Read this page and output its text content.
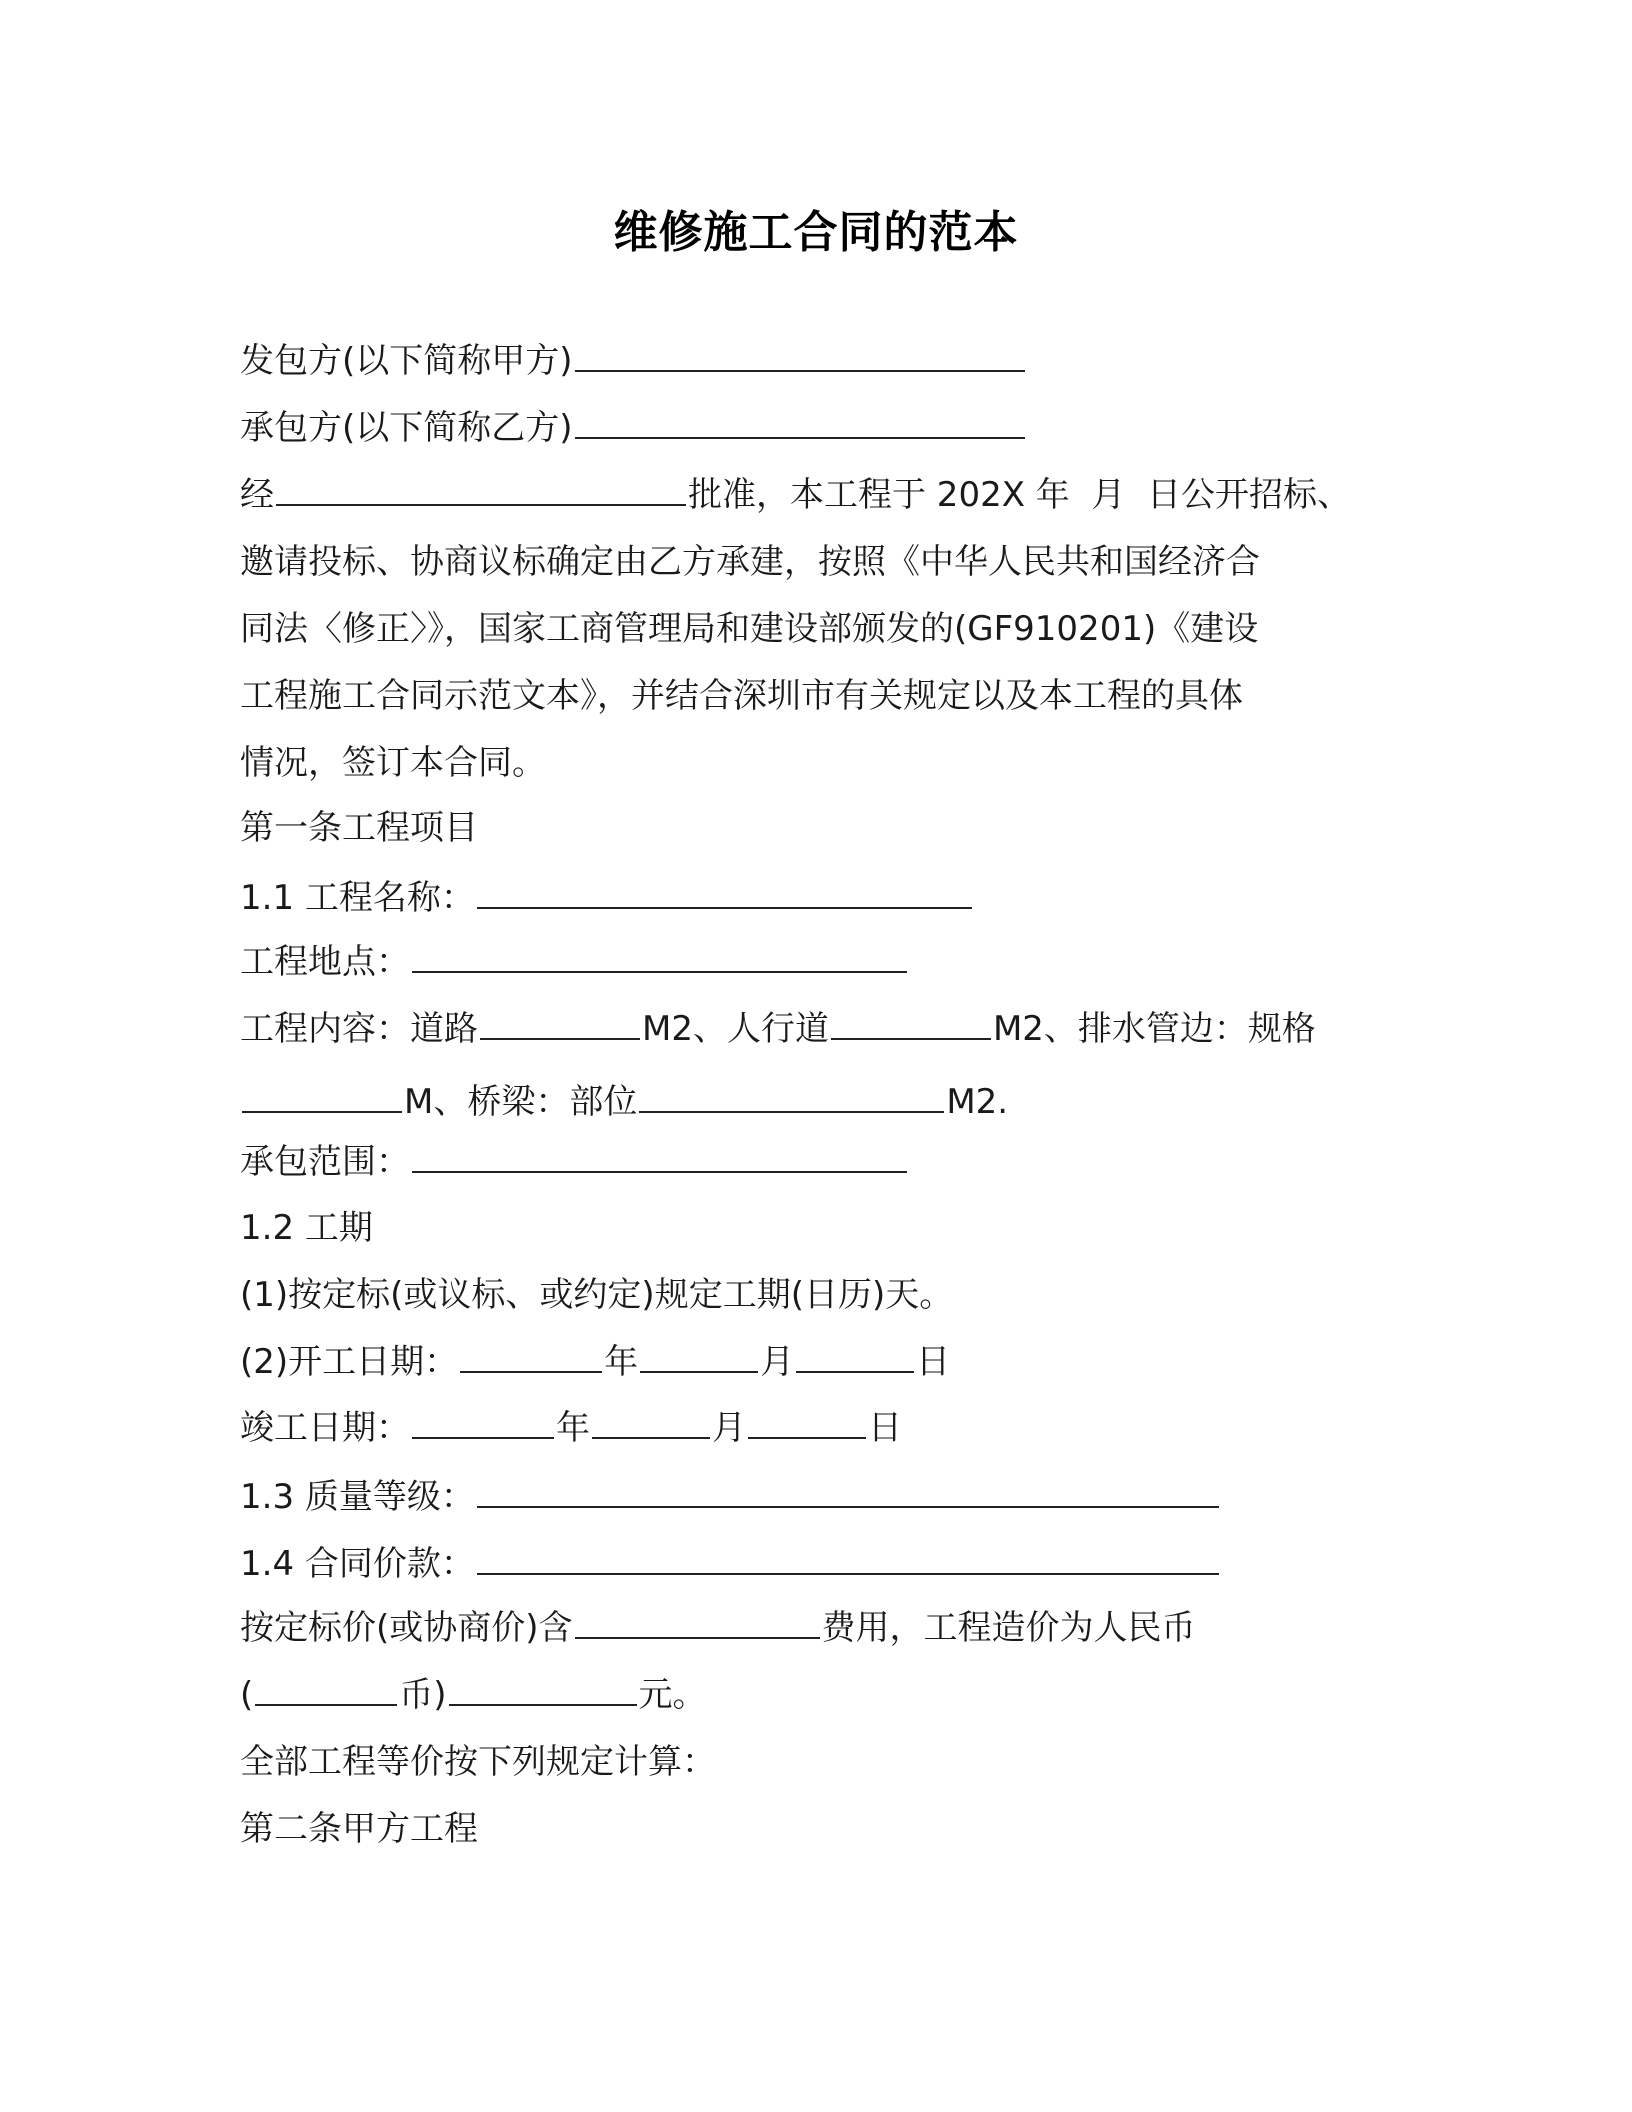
维修施工合同的范本
发包方(以下简称甲方)
承包方(以下简称乙方)
经	批准，本工程于 202X 年  月  日公开招标、
邀请投标、协商议标确定由乙方承建，按照《中华人民共和国经济合
同法〈修正〉》，国家工商管理局和建设部颁发的(GF910201)《建设
工程施工合同示范文本》，并结合深圳市有关规定以及本工程的具体
情况，签订本合同。
第一条工程项目
1.1 工程名称：
工程地点：
工程内容：道路	M2、人行道	M2、排水管边：规格
M、桥梁：部位	M2.
承包范围：
1.2 工期
(1)按定标(或议标、或约定)规定工期(日历)天。
(2)开工日期：	年	月	日
竣工日期：	年	月	日
1.3 质量等级：
1.4 合同价款：
按定标价(或协商价)含	费用，工程造价为人民币
(	币)	元。
全部工程等价按下列规定计算：
第二条甲方工程
